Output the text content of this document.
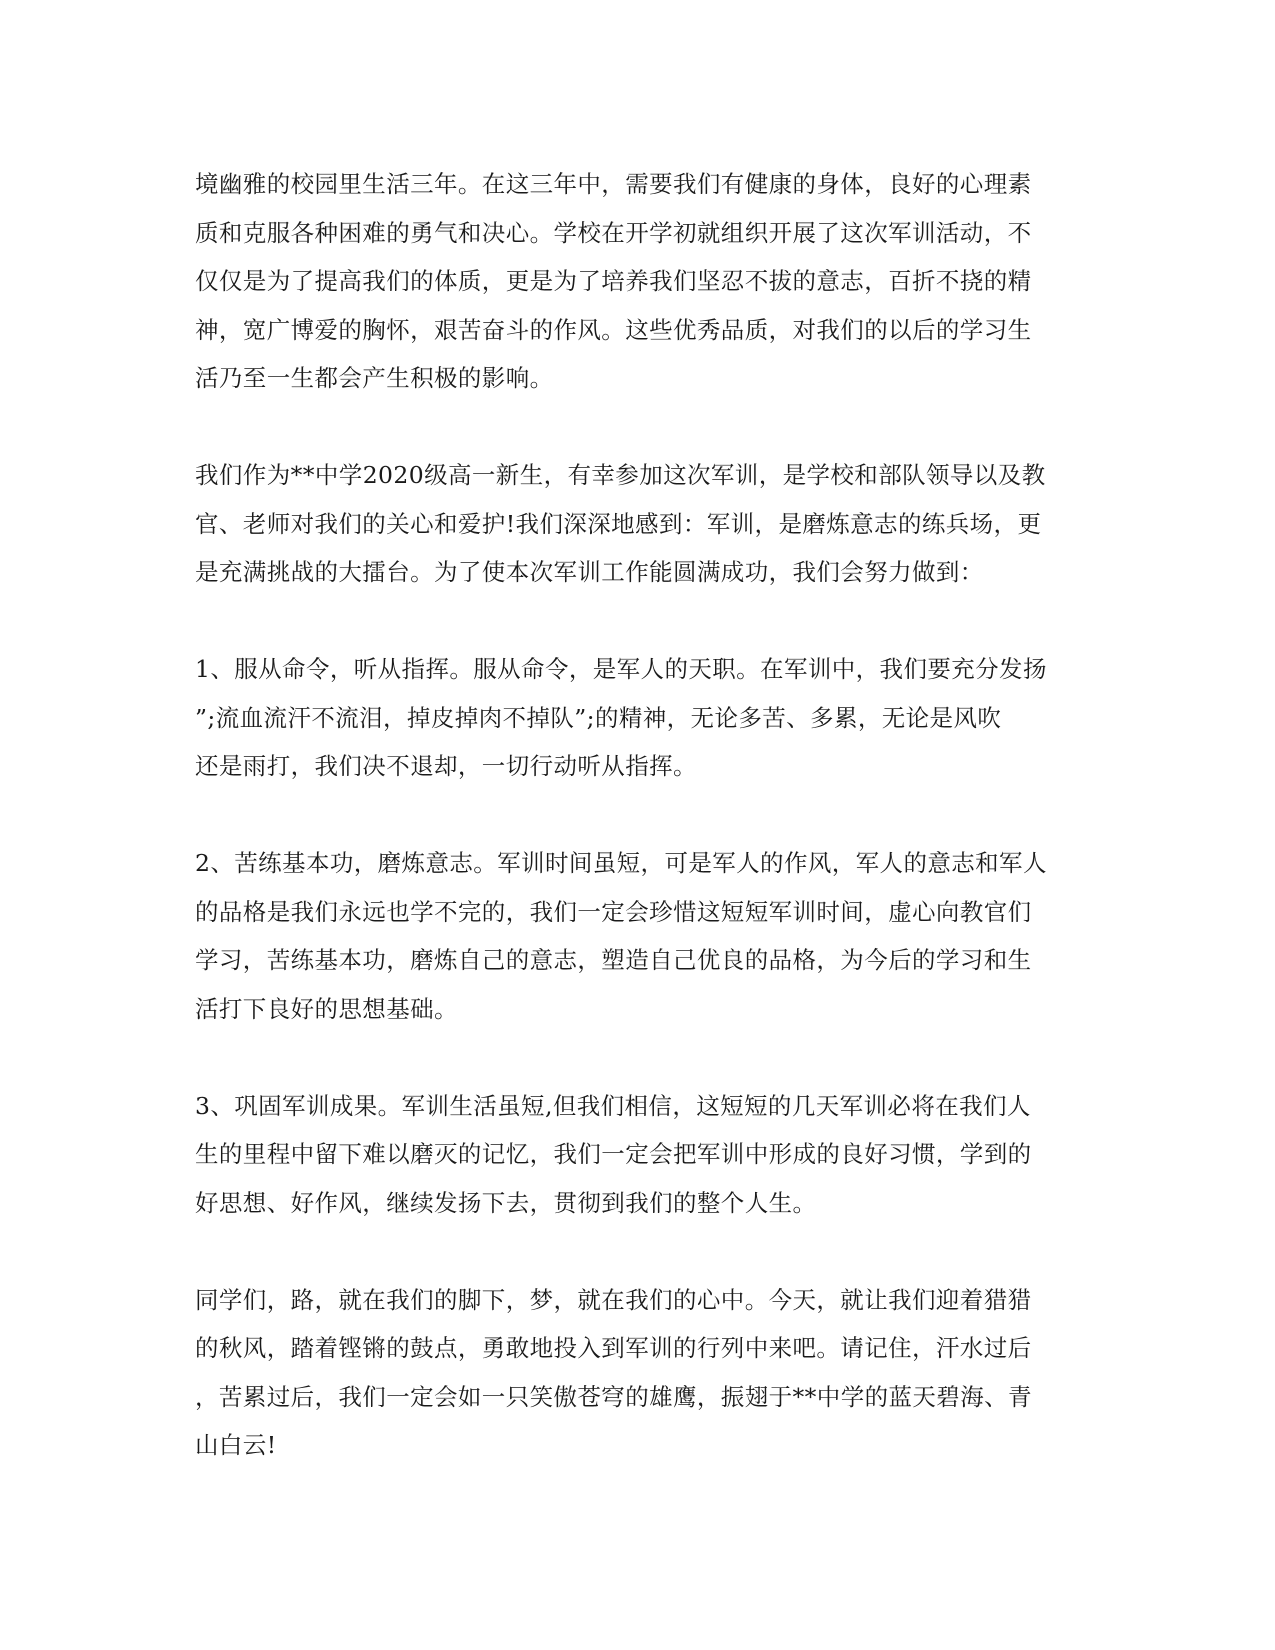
境幽雅的校园里生活三年。在这三年中，需要我们有健康的身体，良好的心理素
质和克服各种困难的勇气和决心。学校在开学初就组织开展了这次军训活动，不
仅仅是为了提高我们的体质，更是为了培养我们坚忍不拔的意志，百折不挠的精
神，宽广博爱的胸怀，艰苦奋斗的作风。这些优秀品质，对我们的以后的学习生
活乃至一生都会产生积极的影响。

我们作为**中学2020级高一新生，有幸参加这次军训，是学校和部队领导以及教
官、老师对我们的关心和爱护!我们深深地感到：军训，是磨炼意志的练兵场，更
是充满挑战的大擂台。为了使本次军训工作能圆满成功，我们会努力做到：

1、服从命令，听从指挥。服从命令，是军人的天职。在军训中，我们要充分发扬
”;流血流汗不流泪，掉皮掉肉不掉队”;的精神，无论多苦、多累，无论是风吹
还是雨打，我们决不退却，一切行动听从指挥。

2、苦练基本功，磨炼意志。军训时间虽短，可是军人的作风，军人的意志和军人
的品格是我们永远也学不完的，我们一定会珍惜这短短军训时间，虚心向教官们
学习，苦练基本功，磨炼自己的意志，塑造自己优良的品格，为今后的学习和生
活打下良好的思想基础。

3、巩固军训成果。军训生活虽短,但我们相信，这短短的几天军训必将在我们人
生的里程中留下难以磨灭的记忆，我们一定会把军训中形成的良好习惯，学到的
好思想、好作风，继续发扬下去，贯彻到我们的整个人生。

同学们，路，就在我们的脚下，梦，就在我们的心中。今天，就让我们迎着猎猎
的秋风，踏着铿锵的鼓点，勇敢地投入到军训的行列中来吧。请记住，汗水过后
，苦累过后，我们一定会如一只笑傲苍穹的雄鹰，振翅于**中学的蓝天碧海、青
山白云!
